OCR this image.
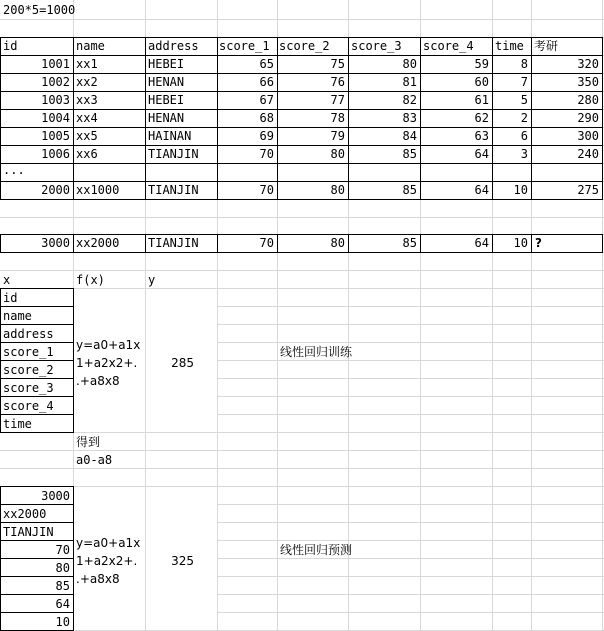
200*5=1000
id	name	address score_1 score_2 score_3 score_4 time 考研
1001 xx1	HEBEI	65	75	80	59	8	320
1002 xx2	HENAN	66	76	81	60	7	350
1003 xx3	HEBEI	67	77	82	61	5	280
1004 xx4	HENAN	68	78	83	62	2	290
1005 xx5	HAINAN	69	79	84	63	6	300
1006 xx6	TIANJIN	70	80	85	64	3	240
...
2000 xx1000 TIANJIN	70	80	85	64	10	275
3000 xx2000 TIANJIN	70	80	85	64	10 ?
x	f(x)	y
id
name
address
score_1
score_2
score_3
score_4
time
y=a0+a1x
1+a2x2+.
.+a8x8
285
线性回归训练
得到
a0-a8
3000
xx2000
TIANJIN
70
80
85
64
10
y=a0+a1x
1+a2x2+.
.+a8x8
325
线性回归预测
